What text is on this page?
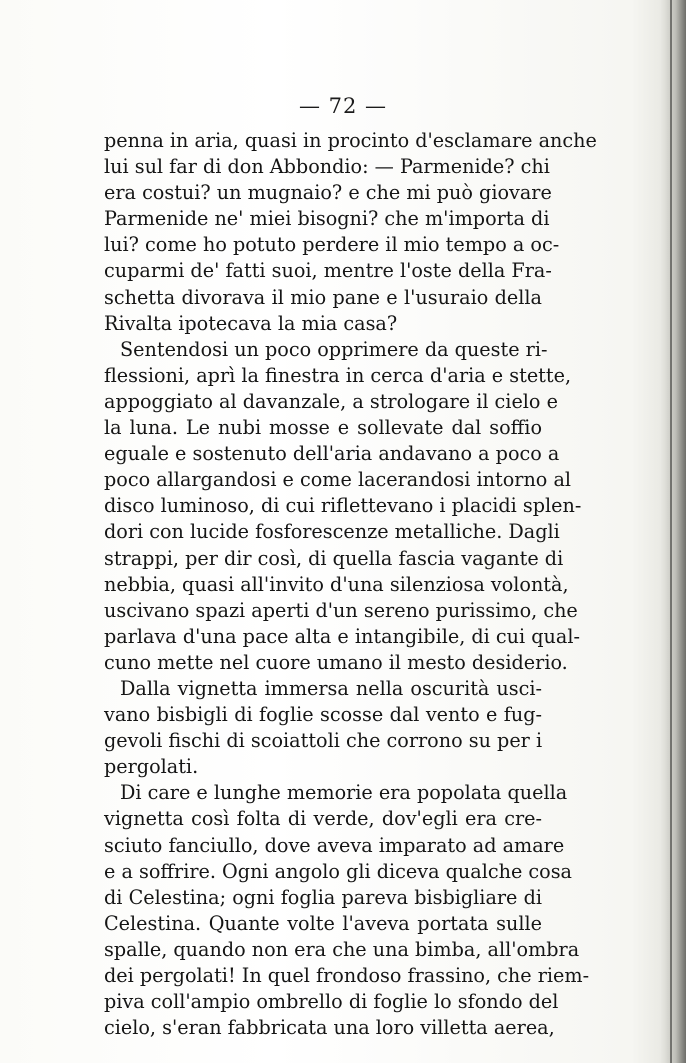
— 72 —
penna in aria, quasi in procinto d'esclamare anche
lui sul far di don Abbondio: — Parmenide? chi
era costui? un mugnaio? e che mi può giovare
Parmenide ne' miei bisogni? che m'importa di
lui? come ho potuto perdere il mio tempo a oc-
cuparmi de' fatti suoi, mentre l'oste della Fra-
schetta divorava il mio pane e l'usuraio della
Rivalta ipotecava la mia casa?
Sentendosi un poco opprimere da queste ri-
flessioni, aprì la finestra in cerca d'aria e stette,
appoggiato al davanzale, a strologare il cielo e
la luna. Le nubi mosse e sollevate dal soffio
eguale e sostenuto dell'aria andavano a poco a
poco allargandosi e come lacerandosi intorno al
disco luminoso, di cui riflettevano i placidi splen-
dori con lucide fosforescenze metalliche. Dagli
strappi, per dir così, di quella fascia vagante di
nebbia, quasi all'invito d'una silenziosa volontà,
uscivano spazi aperti d'un sereno purissimo, che
parlava d'una pace alta e intangibile, di cui qual-
cuno mette nel cuore umano il mesto desiderio.
Dalla vignetta immersa nella oscurità usci-
vano bisbigli di foglie scosse dal vento e fug-
gevoli fischi di scoiattoli che corrono su per i
pergolati.
Di care e lunghe memorie era popolata quella
vignetta così folta di verde, dov'egli era cre-
sciuto fanciullo, dove aveva imparato ad amare
e a soffrire. Ogni angolo gli diceva qualche cosa
di Celestina; ogni foglia pareva bisbigliare di
Celestina. Quante volte l'aveva portata sulle
spalle, quando non era che una bimba, all'ombra
dei pergolati! In quel frondoso frassino, che riem-
piva coll'ampio ombrello di foglie lo sfondo del
cielo, s'eran fabbricata una loro villetta aerea,
